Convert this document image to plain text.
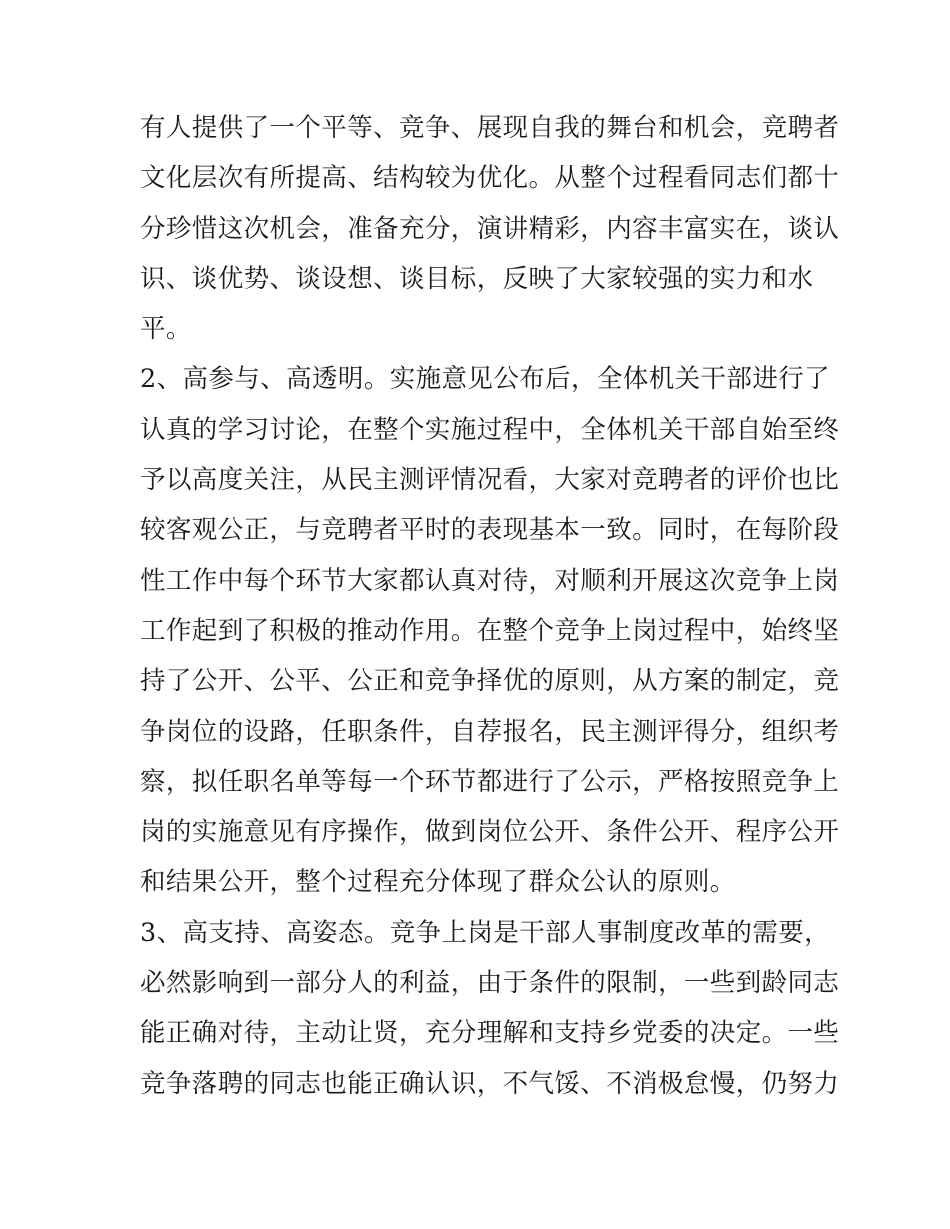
有人提供了一个平等、竞争、展现自我的舞台和机会，竞聘者
文化层次有所提高、结构较为优化。从整个过程看同志们都十
分珍惜这次机会，准备充分，演讲精彩，内容丰富实在，谈认
识、谈优势、谈设想、谈目标，反映了大家较强的实力和水
平。
2、高参与、高透明。实施意见公布后，全体机关干部进行了
认真的学习讨论，在整个实施过程中，全体机关干部自始至终
予以高度关注，从民主测评情况看，大家对竞聘者的评价也比
较客观公正，与竞聘者平时的表现基本一致。同时，在每阶段
性工作中每个环节大家都认真对待，对顺利开展这次竞争上岗
工作起到了积极的推动作用。在整个竞争上岗过程中，始终坚
持了公开、公平、公正和竞争择优的原则，从方案的制定，竞
争岗位的设路，任职条件，自荐报名，民主测评得分，组织考
察，拟任职名单等每一个环节都进行了公示，严格按照竞争上
岗的实施意见有序操作，做到岗位公开、条件公开、程序公开
和结果公开，整个过程充分体现了群众公认的原则。
3、高支持、高姿态。竞争上岗是干部人事制度改革的需要，
必然影响到一部分人的利益，由于条件的限制，一些到龄同志
能正确对待，主动让贤，充分理解和支持乡党委的决定。一些
竞争落聘的同志也能正确认识，不气馁、不消极怠慢，仍努力
